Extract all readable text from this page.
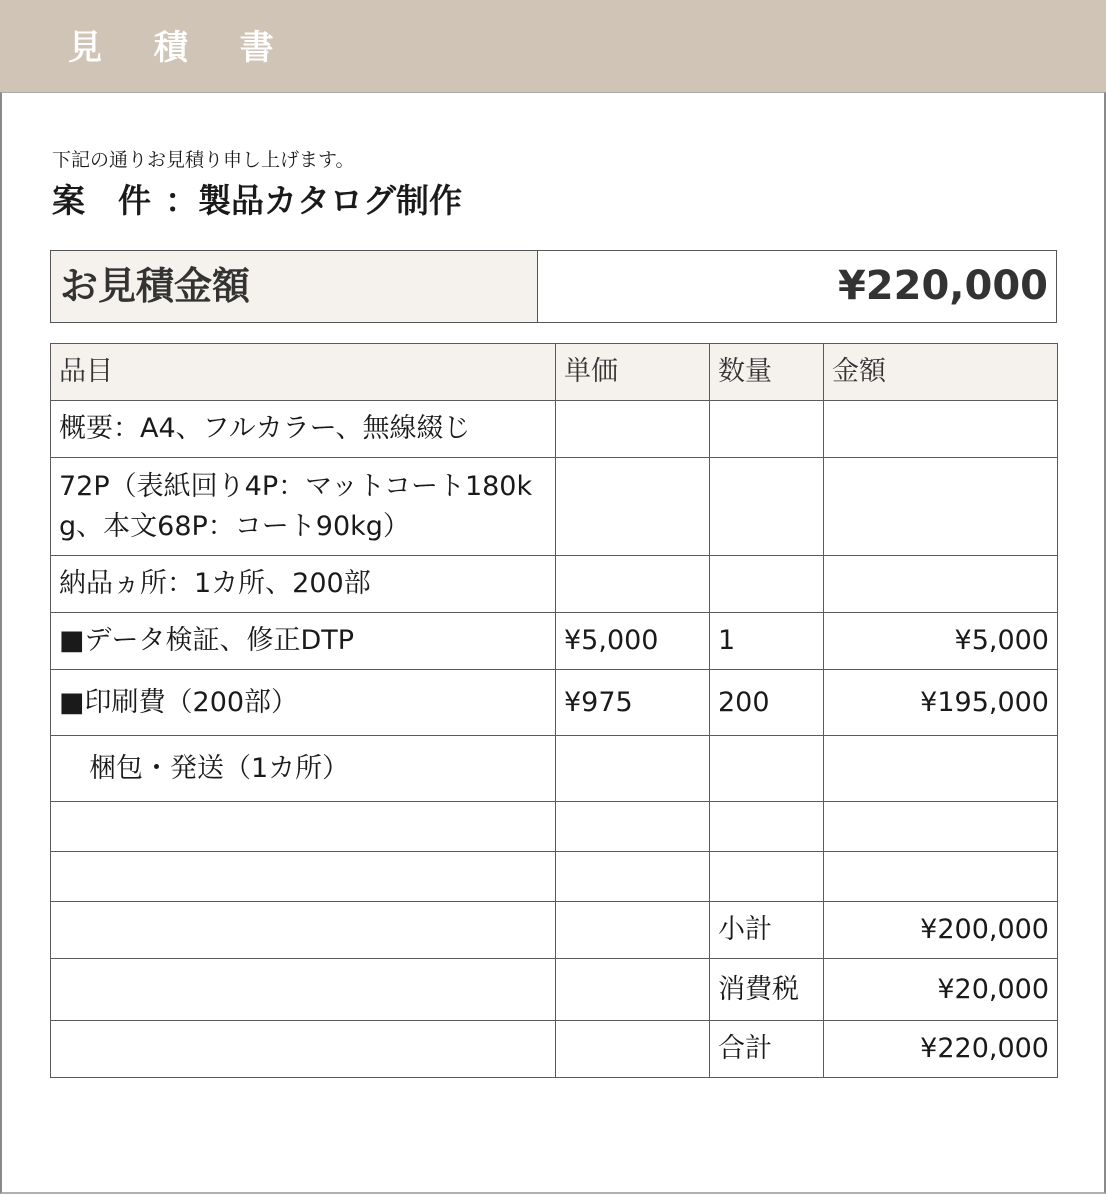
見 積 書
下記の通りお見積り申し上げます。
案　件 ： 製品カタログ制作
お見積金額	¥220,000
品目	単価	数量	金額
概要：A4、フルカラー、無線綴じ			
72P（表紙回り4P：マットコート180kg、本文68P：コート90kg）			
納品ヵ所：1カ所、200部			
■データ検証、修正DTP	¥5,000	1	¥5,000
■印刷費（200部）	¥975	200	¥195,000
梱包・発送（1カ所）			

		小計	¥200,000
		消費税	¥20,000
		合計	¥220,000
